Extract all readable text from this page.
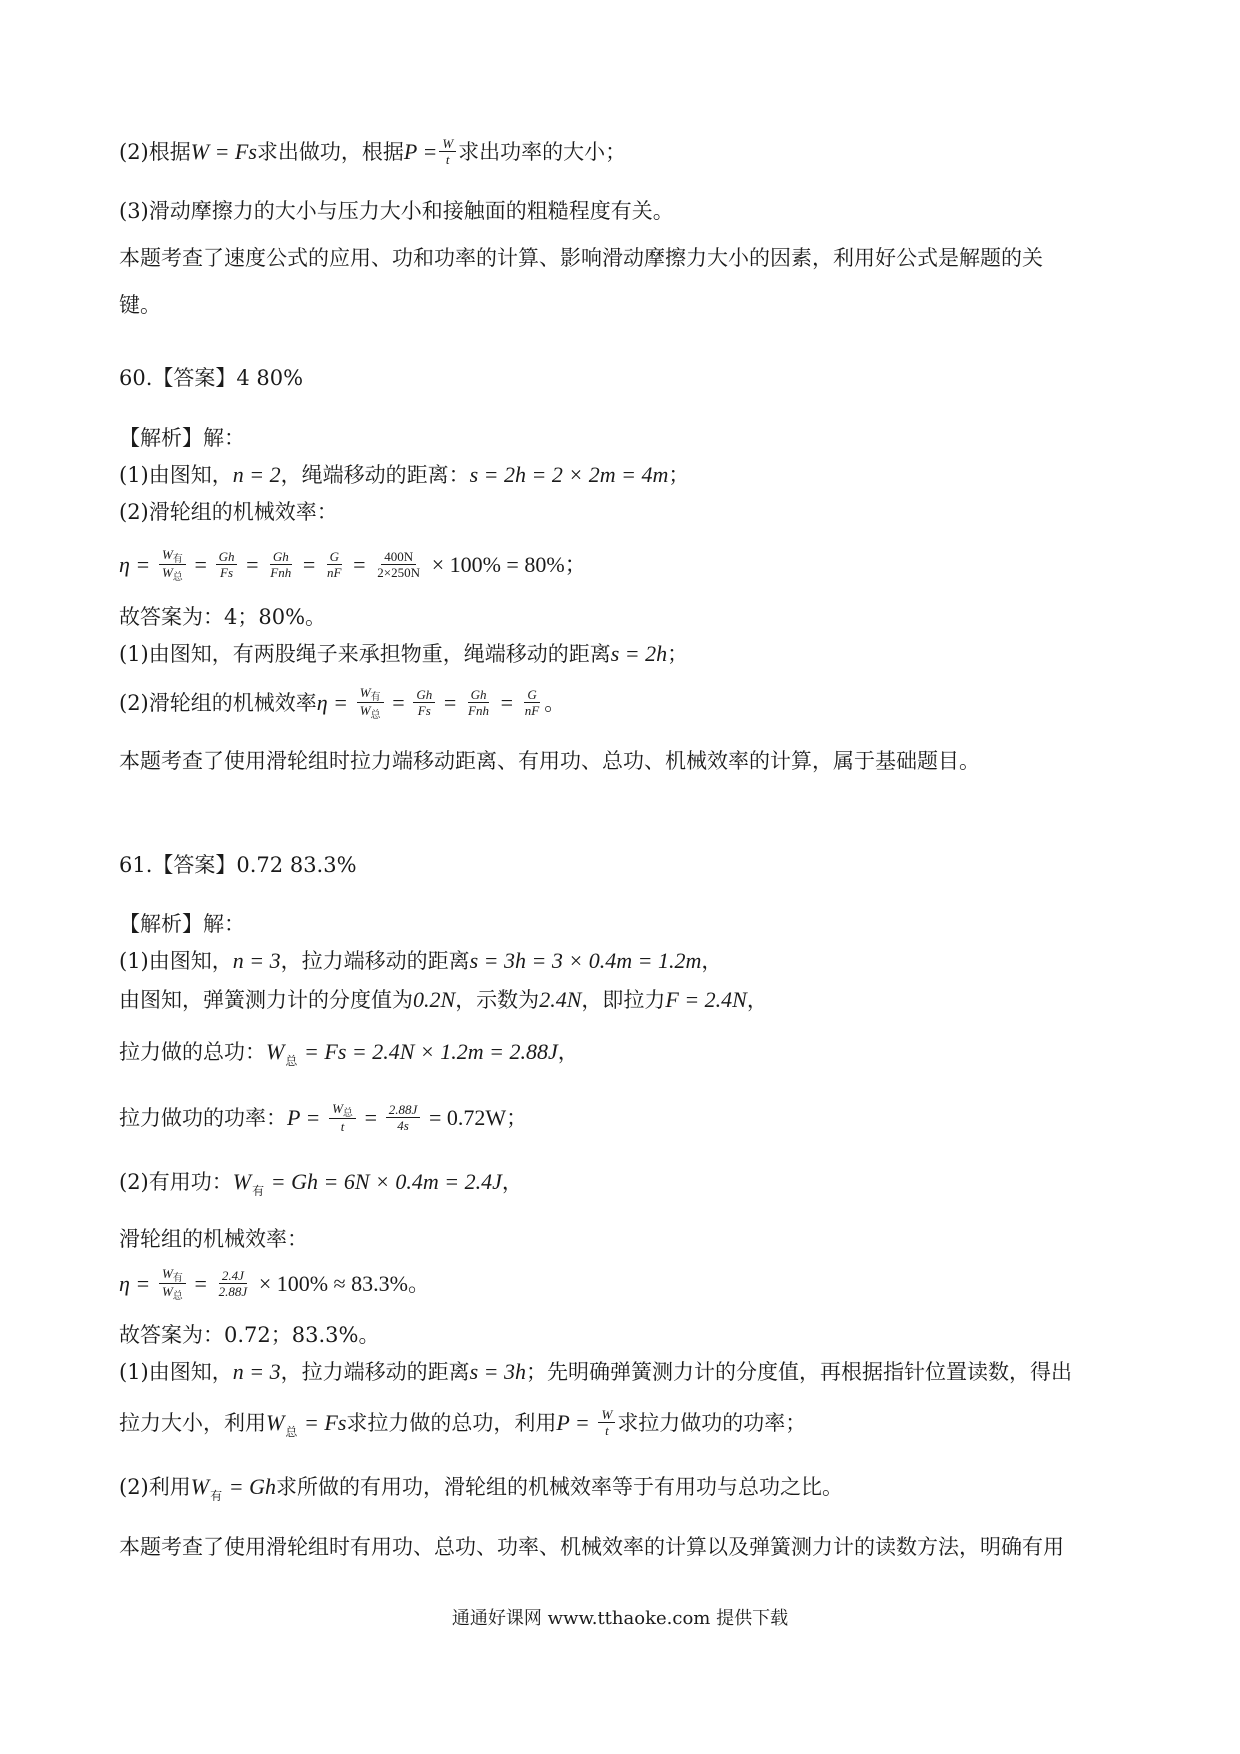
(2)根据W = Fs求出做功，根据$P = \frac{W}{t}$ 求出功率的大小；
(3)滑动摩擦力的大小与压力大小和接触面的粗糙程度有关。
本题考查了速度公式的应用、功和功率的计算、影响滑动摩擦力大小的因素，利用好公式是解题的关
键。
60.【答案】4 80%
【解析】解：
(1)由图知，n = 2，绳端移动的距离：s = 2h = 2 × 2m = 4m；
(2)滑轮组的机械效率：
$\eta = \frac{W_有}{W_总} = \frac{Gh}{Fs} = \frac{Gh}{\text{Fnh}} = \frac{G}{nF} = \frac{400N}{2\times 250N} \times 100\% = 80\%$；
故答案为：4；80%。
(1)由图知，有两股绳子来承担物重，绳端移动的距离s = 2h；
(2)滑轮组的机械效率$\eta = \frac{W_有}{W_总} = \frac{Gh}{Fs} = \frac{Gh}{\text{Fnh}} = \frac{G}{nF}$ 。
本题考查了使用滑轮组时拉力端移动距离、有用功、总功、机械效率的计算，属于基础题目。
61.【答案】0.72 83.3%
【解析】解：
(1)由图知，n = 3，拉力端移动的距离s = 3h = 3 × 0.4m = 1.2m，
由图知，弹簧测力计的分度值为0.2N，示数为2.4N，即拉力F = 2.4N，
拉力做的总功：$W_总 = Fs = 2.4N \times 1.2m = 2.88J$，
拉力做功的功率：$P = \frac{W_总}{t} = \frac{2.88J}{4s} = 0.72W$；
(2)有用功：$W_有 = Gh = 6N \times 0.4m = 2.4J$，
滑轮组的机械效率：
$\eta = \frac{W_有}{W_总} = \frac{2.4J}{2.88J} \times 100\% \approx 83.3\%$。
故答案为：0.72；83.3%。
(1)由图知，n = 3，拉力端移动的距离s = 3h；先明确弹簧测力计的分度值，再根据指针位置读数，得出
拉力大小，利用$W_总 = Fs$求拉力做的总功，利用$P = \frac{W}{t}$ 求拉力做功的功率；
(2)利用$W_有 = Gh$求所做的有用功，滑轮组的机械效率等于有用功与总功之比。
本题考查了使用滑轮组时有用功、总功、功率、机械效率的计算以及弹簧测力计的读数方法，明确有用
通通好课网 www.tthaoke.com 提供下载
